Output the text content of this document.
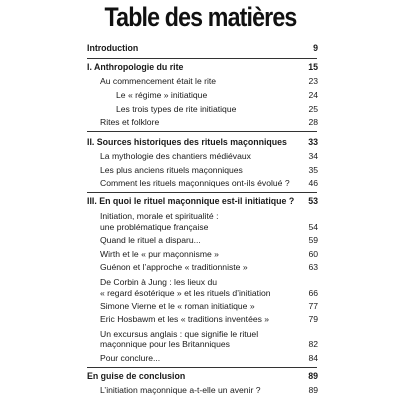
Table des matières
Introduction	9
I. Anthropologie du rite	15
Au commencement était le rite	23
Le « régime » initiatique	24
Les trois types de rite initiatique	25
Rites et folklore	28
II. Sources historiques des rituels maçonniques 33
La mythologie des chantiers médiévaux	34
Les plus anciens rituels maçonniques	35
Comment les rituels maçonniques ont-ils évolué ? 46
III. En quoi le rituel maçonnique est-il initiatique ? 53
Initiation, morale et spiritualité :
une problématique française	54
Quand le rituel a disparu...	59
Wirth et le « pur maçonnisme »	60
Guénon et l’approche « traditionniste »	63
De Corbin à Jung : les lieux du
« regard ésotérique » et les rituels d’initiation	66
Simone Vierne et le « roman initiatique »	77
Eric Hosbawm et les « traditions inventées »	79
Un excursus anglais : que signifie le rituel
maçonnique pour les Britanniques	82
Pour conclure...	84
En guise de conclusion	89
L’initiation maçonnique a-t-elle un avenir ?	89
